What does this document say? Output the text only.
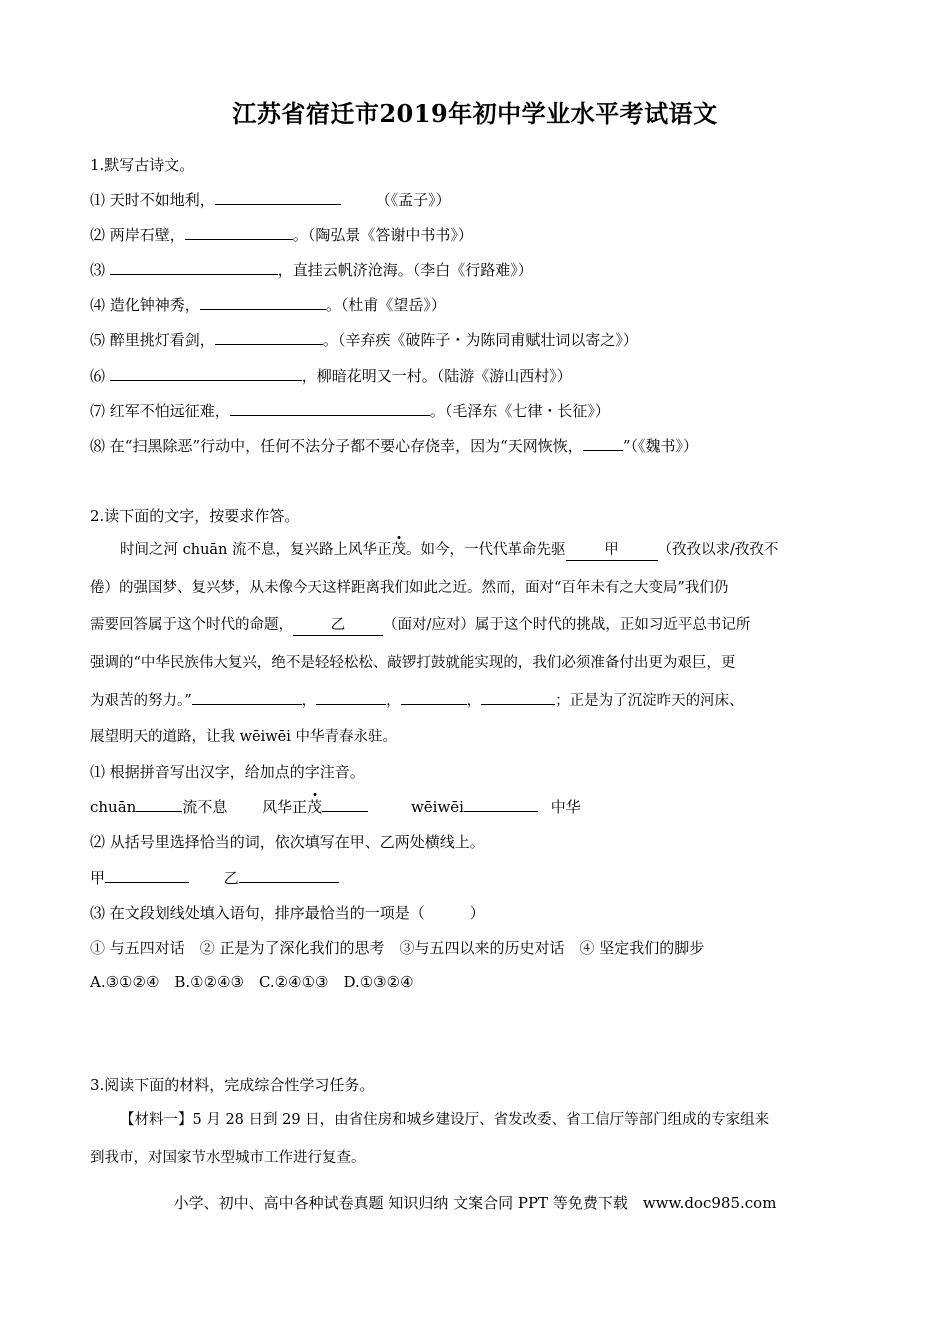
江苏省宿迁市2019年初中学业水平考试语文
1.默写古诗文。
⑴ 天时不如地利，	（《孟子》）
⑵ 两岸石壁，	。（陶弘景《答谢中书书》）
⑶	，直挂云帆济沧海。（李白《行路难》）
⑷ 造化钟神秀，	。（杜甫《望岳》）
⑸ 醉里挑灯看剑，	。（辛弃疾《破阵子・为陈同甫赋壮词以寄之》）
⑹	，柳暗花明又一村。（陆游《游山西村》）
⑺ 红军不怕远征难，	。（毛泽东《七律・长征》）
⑻ 在“扫黑除恶”行动中，任何不法分子都不要心存侥幸，因为“天网恢恢，	”（《魏书》）
2.读下面的文字，按要求作答。
时间之河 chuān 流不息，复兴路上风华正茂。如今，一代代革命先驱	甲	（孜孜以求/孜孜不
倦）的强国梦、复兴梦，从未像今天这样距离我们如此之近。然而，面对“百年未有之大变局”我们仍
需要回答属于这个时代的命题，	乙	（面对/应对）属于这个时代的挑战，正如习近平总书记所
强调的“中华民族伟大复兴，绝不是轻轻松松、敲锣打鼓就能实现的，我们必须准备付出更为艰巨，更
为艰苦的努力。”	，	，	，	；正是为了沉淀昨天的河床、
展望明天的道路，让我 wēiwēi 中华青春永驻。
⑴ 根据拼音写出汉字，给加点的字注音。
chuān	流不息 风华正茂	wēiwēi	中华
⑵ 从括号里选择恰当的词，依次填写在甲、乙两处横线上。
甲	乙
⑶ 在文段划线处填入语句，排序最恰当的一项是（　　　）
① 与五四对话　② 正是为了深化我们的思考　③与五四以来的历史对话　④ 坚定我们的脚步
A.③①②④　B.①②④③　C.②④①③　D.①③②④
3.阅读下面的材料，完成综合性学习任务。
【材料一】5 月 28 日到 29 日，由省住房和城乡建设厅、省发改委、省工信厅等部门组成的专家组来
到我市，对国家节水型城市工作进行复查。
小学、初中、高中各种试卷真题 知识归纳 文案合同 PPT 等免费下载　www.doc985.com
